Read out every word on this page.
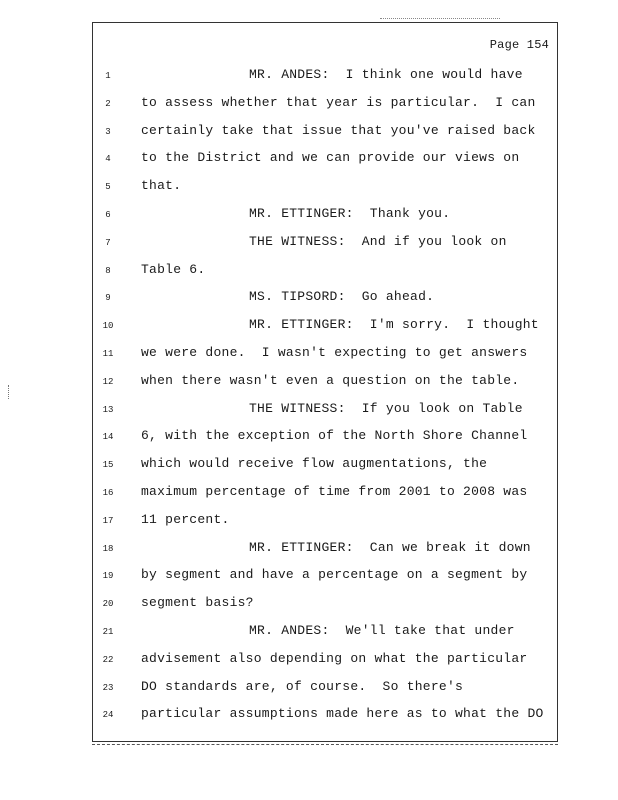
Page 154
1	MR. ANDES:  I think one would have
2	to assess whether that year is particular.  I can
3	certainly take that issue that you've raised back
4	to the District and we can provide our views on
5	that.
6	MR. ETTINGER:  Thank you.
7	THE WITNESS:  And if you look on
8	Table 6.
9	MS. TIPSORD:  Go ahead.
10	MR. ETTINGER:  I'm sorry.  I thought
11	we were done.  I wasn't expecting to get answers
12	when there wasn't even a question on the table.
13	THE WITNESS:  If you look on Table
14	6, with the exception of the North Shore Channel
15	which would receive flow augmentations, the
16	maximum percentage of time from 2001 to 2008 was
17	11 percent.
18	MR. ETTINGER:  Can we break it down
19	by segment and have a percentage on a segment by
20	segment basis?
21	MR. ANDES:  We'll take that under
22	advisement also depending on what the particular
23	DO standards are, of course.  So there's
24	particular assumptions made here as to what the DO
